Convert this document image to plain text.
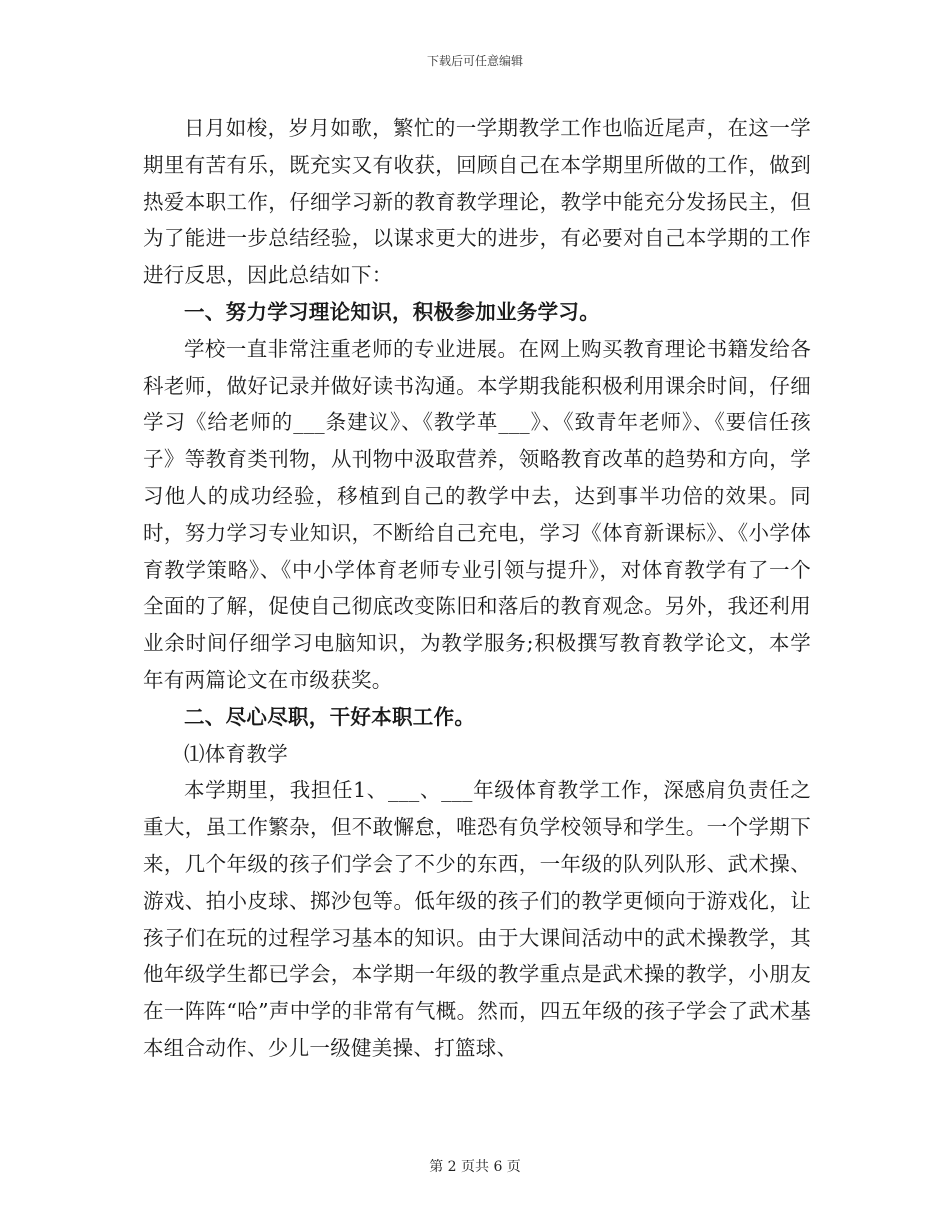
下载后可任意编辑

日月如梭，岁月如歌，繁忙的一学期教学工作也临近尾声，在这一学期里有苦有乐，既充实又有收获，回顾自己在本学期里所做的工作，做到热爱本职工作，仔细学习新的教育教学理论，教学中能充分发扬民主，但为了能进一步总结经验，以谋求更大的进步，有必要对自己本学期的工作进行反思，因此总结如下：

一、努力学习理论知识，积极参加业务学习。

学校一直非常注重老师的专业进展。在网上购买教育理论书籍发给各科老师，做好记录并做好读书沟通。本学期我能积极利用课余时间，仔细学习《给老师的___条建议》、《教学革___》、《致青年老师》、《要信任孩子》等教育类刊物，从刊物中汲取营养，领略教育改革的趋势和方向，学习他人的成功经验，移植到自己的教学中去，达到事半功倍的效果。同时，努力学习专业知识，不断给自己充电，学习《体育新课标》、《小学体育教学策略》、《中小学体育老师专业引领与提升》，对体育教学有了一个全面的了解，促使自己彻底改变陈旧和落后的教育观念。另外，我还利用业余时间仔细学习电脑知识，为教学服务;积极撰写教育教学论文，本学年有两篇论文在市级获奖。

二、尽心尽职，干好本职工作。

⑴体育教学

本学期里，我担任1、___、___年级体育教学工作，深感肩负责任之重大，虽工作繁杂，但不敢懈怠，唯恐有负学校领导和学生。一个学期下来，几个年级的孩子们学会了不少的东西，一年级的队列队形、武术操、游戏、拍小皮球、掷沙包等。低年级的孩子们的教学更倾向于游戏化，让孩子们在玩的过程学习基本的知识。由于大课间活动中的武术操教学，其他年级学生都已学会，本学期一年级的教学重点是武术操的教学，小朋友在一阵阵“哈”声中学的非常有气概。然而，四五年级的孩子学会了武术基本组合动作、少儿一级健美操、打篮球、

第 2 页共 6 页
